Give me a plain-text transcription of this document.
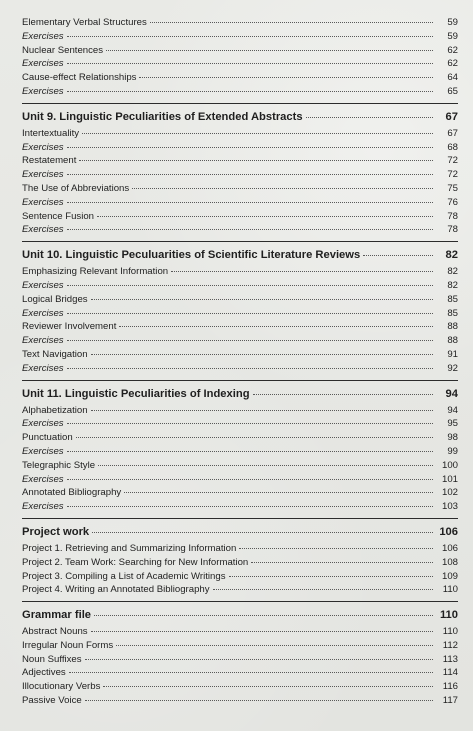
Elementary Verbal Structures	59
Exercises	59
Nuclear Sentences	62
Exercises	62
Cause-effect Relationships	64
Exercises	65
Unit 9. Linguistic Peculiarities of Extended Abstracts	67
Intertextuality	67
Exercises	68
Restatement	72
Exercises	72
The Use of Abbreviations	75
Exercises	76
Sentence Fusion	78
Exercises	78
Unit 10. Linguistic Peculuarities of Scientific Literature Reviews	82
Emphasizing Relevant Information	82
Exercises	82
Logical Bridges	85
Exercises	85
Reviewer Involvement	88
Exercises	88
Text Navigation	91
Exercises	92
Unit 11. Linguistic Peculiarities of Indexing	94
Alphabetization	94
Exercises	95
Punctuation	98
Exercises	99
Telegraphic Style	100
Exercises	101
Annotated Bibliography	102
Exercises	103
Project work	106
Project 1. Retrieving and Summarizing Information	106
Project 2. Team Work: Searching for New Information	108
Project 3. Compiling a List of Academic Writings	109
Project 4. Writing an Annotated Bibliography	110
Grammar file	110
Abstract Nouns	110
Irregular Noun Forms	112
Noun Suffixes	113
Adjectives	114
Illocutionary Verbs	116
Passive Voice	117
